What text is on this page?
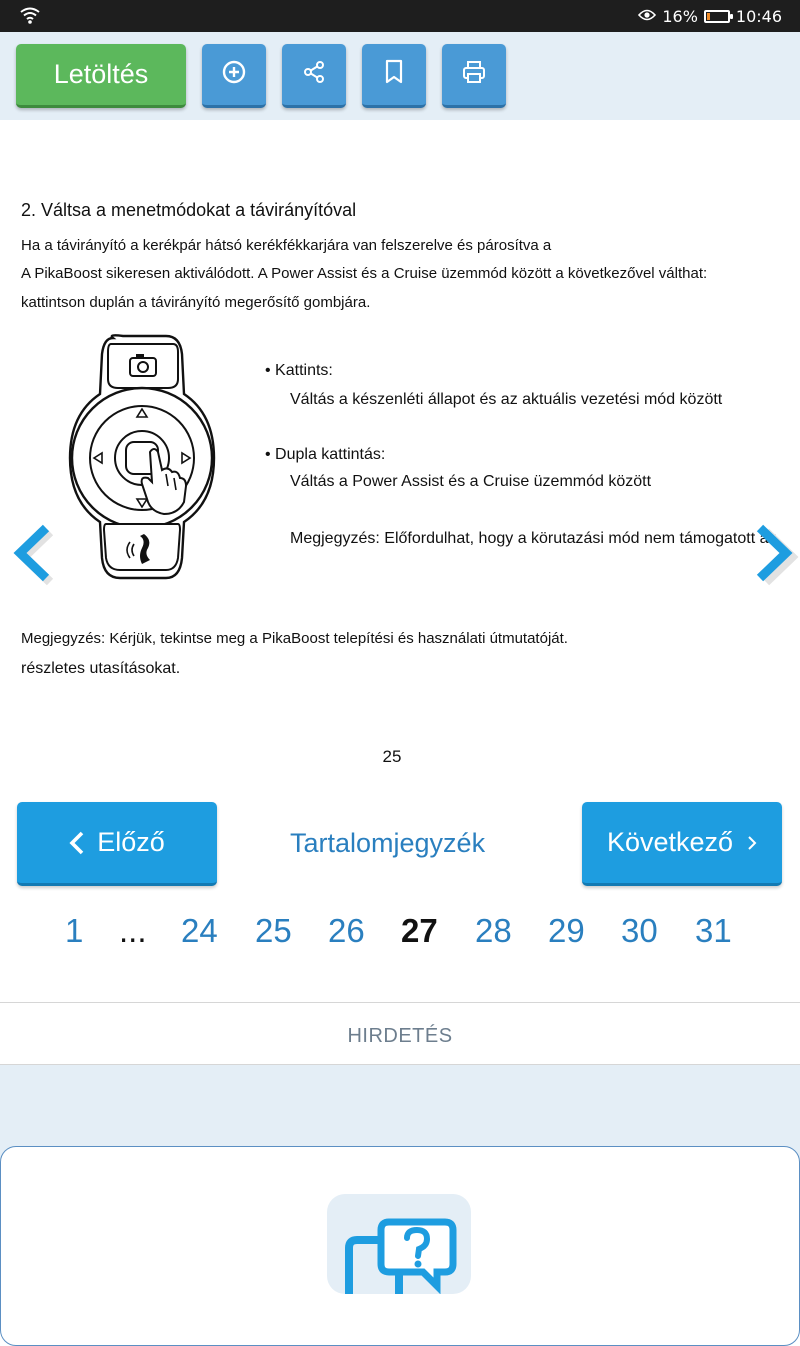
16% 10:46
Letöltés
2. Váltsa a menetmódokat a távirányítóval
Ha a távirányító a kerékpár hátsó kerékfékkarjára van felszerelve és párosítva a
A PikaBoost sikeresen aktiválódott. A Power Assist és a Cruise üzemmód között a következővel válthat:
kattintson duplán a távirányító megerősítő gombjára.
• Kattints:
Váltás a készenléti állapot és az aktuális vezetési mód között
• Dupla kattintás:
Váltás a Power Assist és a Cruise üzemmód között
Megjegyzés: Előfordulhat, hogy a körutazási mód nem támogatott az
Megjegyzés: Kérjük, tekintse meg a PikaBoost telepítési és használati útmutatóját.
részletes utasításokat.
25
Előző	Tartalomjegyzék	Következő
1 ... 24 25 26 27 28 29 30 31
HIRDETÉS
